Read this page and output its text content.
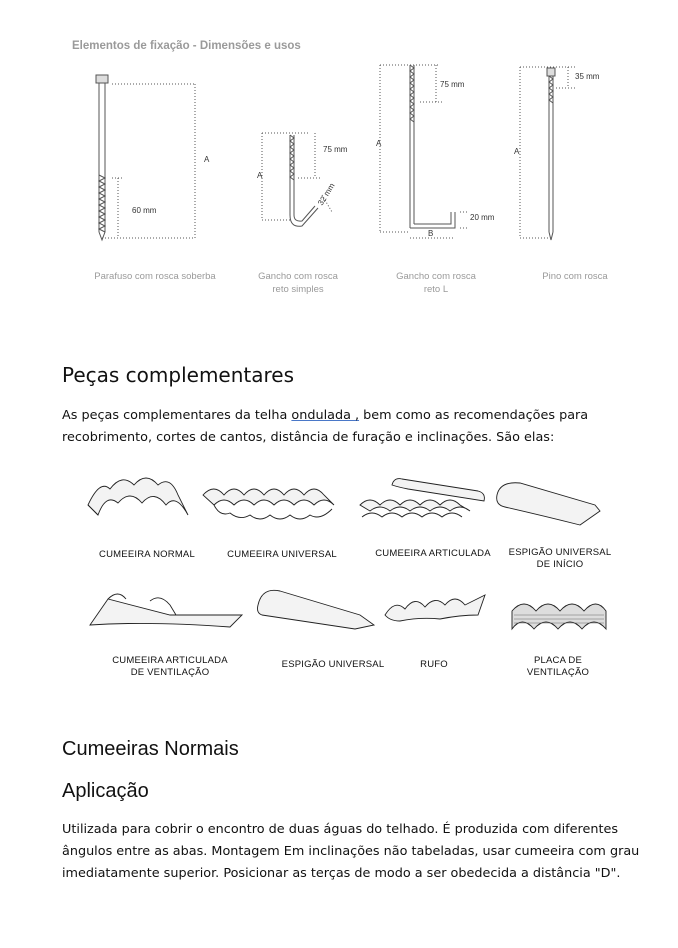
Elementos de fixação - Dimensões e usos
A
60 mm
A
75 mm
32 mm
A
75 mm
20 mm
B
A
35 mm
Parafuso com rosca soberba	Gancho com rosca
reto simples
Gancho com rosca
reto L
Pino com rosca
Peças complementares
As peças complementares da telha ondulada , bem como as recomendações para recobrimento, cortes de cantos, distância de furação e inclinações. São elas:
CUMEEIRA NORMAL	CUMEEIRA UNIVERSAL	CUMEEIRA ARTICULADA	ESPIGÃO UNIVERSAL
DE INÍCIO
CUMEEIRA ARTICULADA
DE VENTILAÇÃO
ESPIGÃO UNIVERSAL	RUFO	PLACA DE
VENTILAÇÃO
Cumeeiras Normais
Aplicação
Utilizada para cobrir o encontro de duas águas do telhado. É produzida com diferentes ângulos entre as abas. Montagem Em inclinações não tabeladas, usar cumeeira com grau imediatamente superior. Posicionar as terças de modo a ser obedecida a distância "D".
